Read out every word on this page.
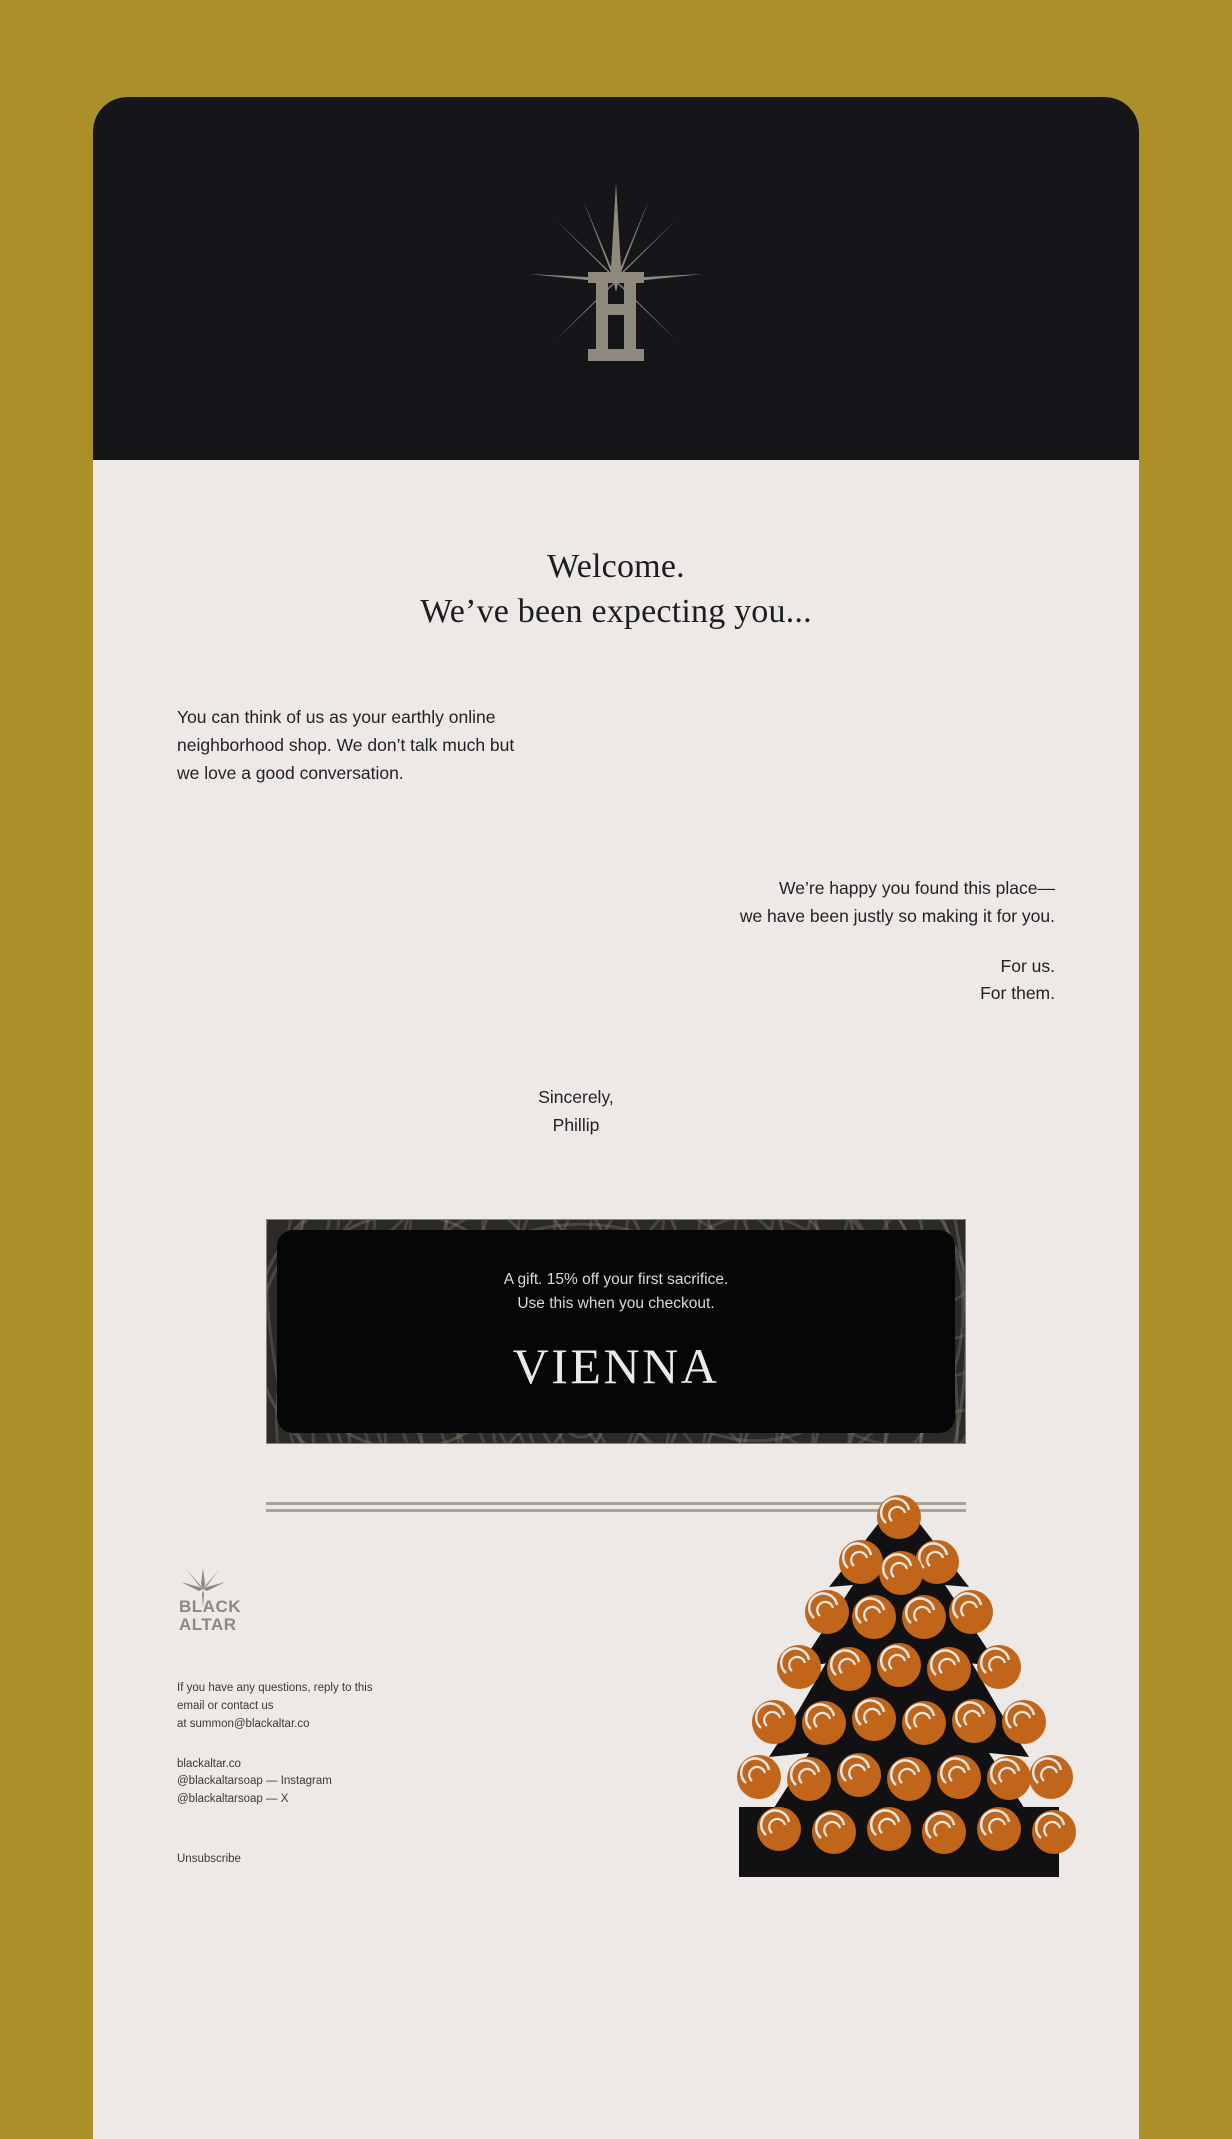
Welcome.
We’ve been expecting you...

You can think of us as your earthly online neighborhood shop. We don’t talk much but we love a good conversation.

We’re happy you found this place—
we have been justly so making it for you.
For us.
For them.
Sincerely,
Phillip
A gift. 15% off your first sacrifice.
Use this when you checkout.
VIENNA
BLACK
ALTAR
If you have any questions, reply to this
email or contact us
at summon@blackaltar.co
blackaltar.co
@blackaltarsoap — Instagram
@blackaltarsoap — X
Unsubscribe
